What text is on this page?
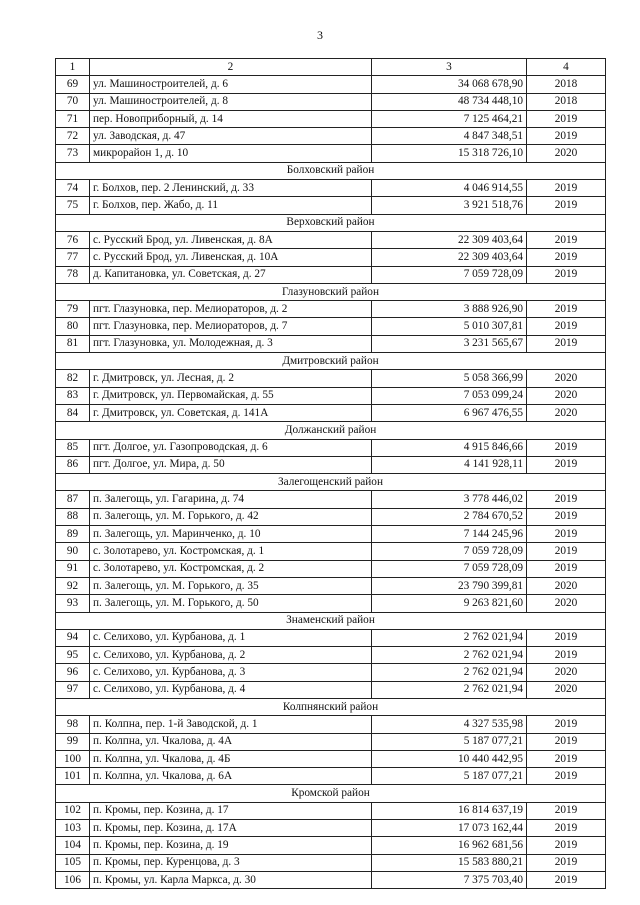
3
1	2	3	4
69	ул. Машиностроителей, д. 6	34 068 678,90	2018
70	ул. Машиностроителей, д. 8	48 734 448,10	2018
71	пер. Новоприборный, д. 14	7 125 464,21	2019
72	ул. Заводская, д. 47	4 847 348,51	2019
73	микрорайон 1, д. 10	15 318 726,10	2020
Болховский район			
74	г. Болхов, пер. 2 Ленинский, д. 33	4 046 914,55	2019
75	г. Болхов, пер. Жабо, д. 11	3 921 518,76	2019
Верховский район			
76	с. Русский Брод, ул. Ливенская, д. 8А	22 309 403,64	2019
77	с. Русский Брод, ул. Ливенская, д. 10А	22 309 403,64	2019
78	д. Капитановка, ул. Советская, д. 27	7 059 728,09	2019
Глазуновский район			
79	пгт. Глазуновка, пер. Мелиораторов, д. 2	3 888 926,90	2019
80	пгт. Глазуновка, пер. Мелиораторов, д. 7	5 010 307,81	2019
81	пгт. Глазуновка, ул. Молодежная, д. 3	3 231 565,67	2019
Дмитровский район			
82	г. Дмитровск, ул. Лесная, д. 2	5 058 366,99	2020
83	г. Дмитровск, ул. Первомайская, д. 55	7 053 099,24	2020
84	г. Дмитровск, ул. Советская, д. 141А	6 967 476,55	2020
Должанский район			
85	пгт. Долгое, ул. Газопроводская, д. 6	4 915 846,66	2019
86	пгт. Долгое, ул. Мира, д. 50	4 141 928,11	2019
Залегощенский район			
87	п. Залегощь, ул. Гагарина, д. 74	3 778 446,02	2019
88	п. Залегощь, ул. М. Горького, д. 42	2 784 670,52	2019
89	п. Залегощь, ул. Маринченко, д. 10	7 144 245,96	2019
90	с. Золотарево, ул. Костромская, д. 1	7 059 728,09	2019
91	с. Золотарево, ул. Костромская, д. 2	7 059 728,09	2019
92	п. Залегощь, ул. М. Горького, д. 35	23 790 399,81	2020
93	п. Залегощь, ул. М. Горького, д. 50	9 263 821,60	2020
Знаменский район			
94	с. Селихово, ул. Курбанова, д. 1	2 762 021,94	2019
95	с. Селихово, ул. Курбанова, д. 2	2 762 021,94	2019
96	с. Селихово, ул. Курбанова, д. 3	2 762 021,94	2020
97	с. Селихово, ул. Курбанова, д. 4	2 762 021,94	2020
Колпнянский район			
98	п. Колпна, пер. 1-й Заводской, д. 1	4 327 535,98	2019
99	п. Колпна, ул. Чкалова, д. 4А	5 187 077,21	2019
100	п. Колпна, ул. Чкалова, д. 4Б	10 440 442,95	2019
101	п. Колпна, ул. Чкалова, д. 6А	5 187 077,21	2019
Кромской район			
102	п. Кромы, пер. Козина, д. 17	16 814 637,19	2019
103	п. Кромы, пер. Козина, д. 17А	17 073 162,44	2019
104	п. Кромы, пер. Козина, д. 19	16 962 681,56	2019
105	п. Кромы, пер. Куренцова, д. 3	15 583 880,21	2019
106	п. Кромы, ул. Карла Маркса, д. 30	7 375 703,40	2019
